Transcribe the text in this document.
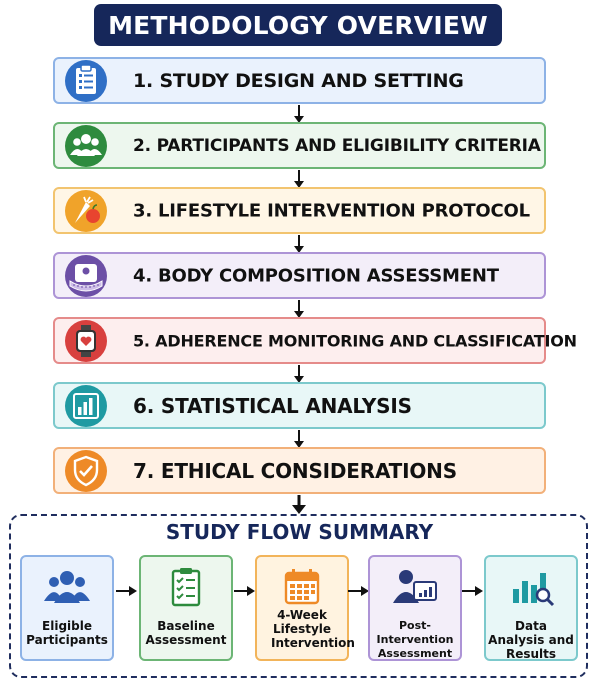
METHODOLOGY OVERVIEW
1. STUDY DESIGN AND SETTING
2. PARTICIPANTS AND ELIGIBILITY CRITERIA
3. LIFESTYLE INTERVENTION PROTOCOL
4. BODY COMPOSITION ASSESSMENT
5. ADHERENCE MONITORING AND CLASSIFICATION
6. STATISTICAL ANALYSIS
7. ETHICAL CONSIDERATIONS
STUDY FLOW SUMMARY
Eligible Participants
Baseline Assessment
4-Week Lifestyle Intervention
Post-Intervention Assessment
Data Analysis and Results
